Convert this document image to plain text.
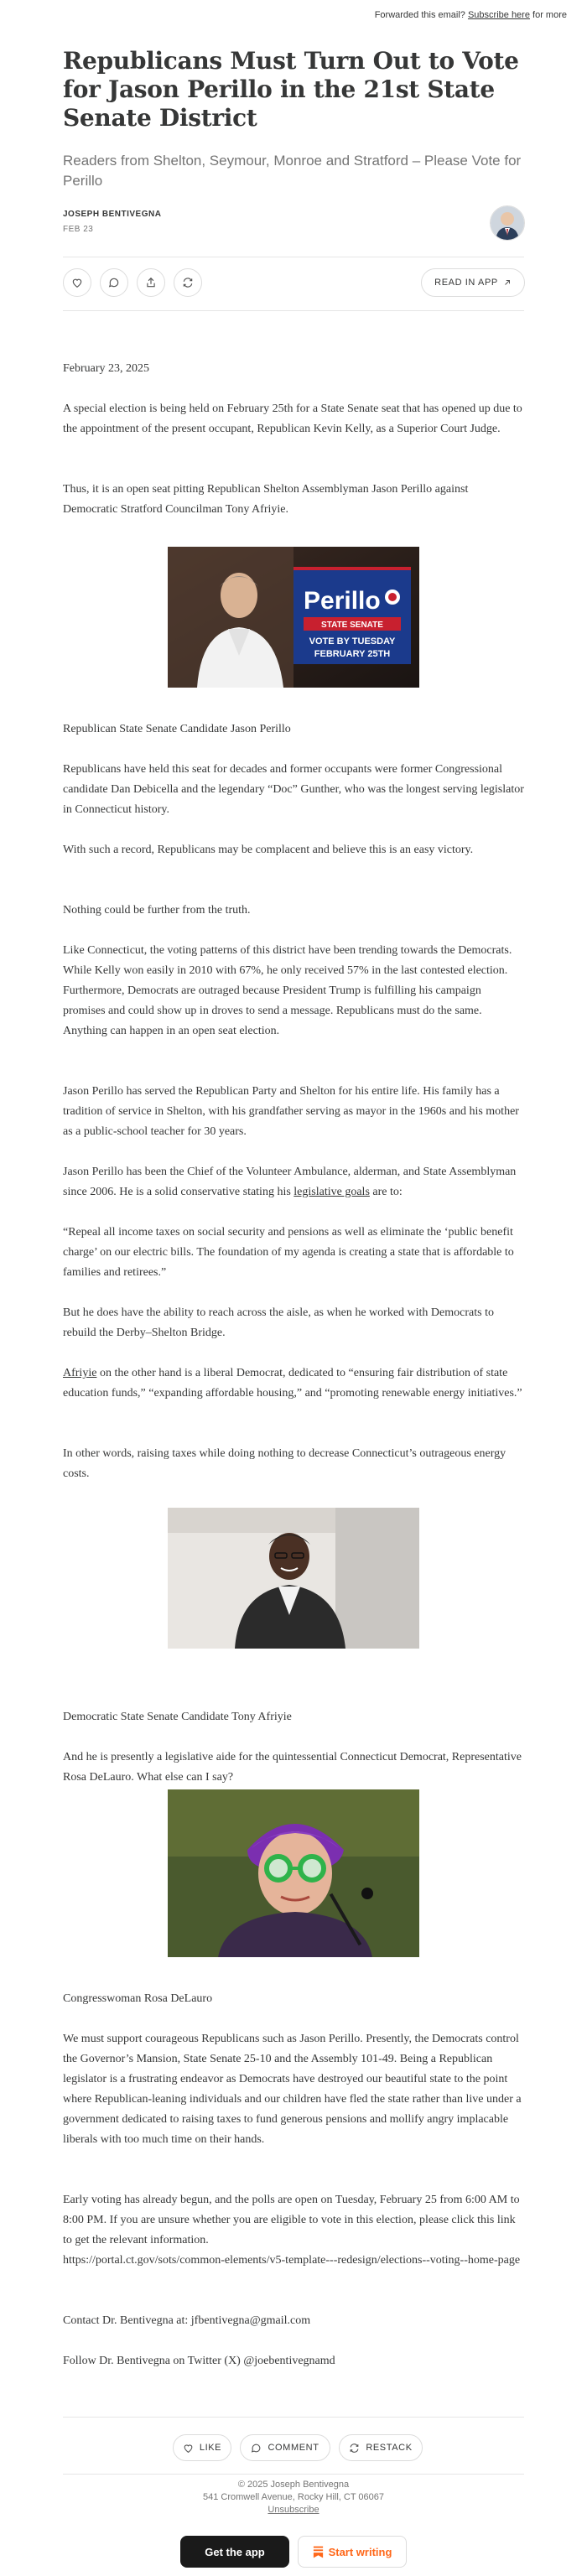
Forwarded this email? Subscribe here for more
Republicans Must Turn Out to Vote for Jason Perillo in the 21st State Senate District

Readers from Shelton, Seymour, Monroe and Stratford – Please Vote for Perillo

JOSEPH BENTIVEGNA
FEB 23
READ IN APP

February 23, 2025

A special election is being held on February 25th for a State Senate seat that has opened up due to the appointment of the present occupant, Republican Kevin Kelly, as a Superior Court Judge.

Thus, it is an open seat pitting Republican Shelton Assemblyman Jason Perillo against Democratic Stratford Councilman Tony Afriyie.

Republican State Senate Candidate Jason Perillo

Republicans have held this seat for decades and former occupants were former Congressional candidate Dan Debicella and the legendary “Doc” Gunther, who was the longest serving legislator in Connecticut history.

With such a record, Republicans may be complacent and believe this is an easy victory.

Nothing could be further from the truth.

Like Connecticut, the voting patterns of this district have been trending towards the Democrats. While Kelly won easily in 2010 with 67%, he only received 57% in the last contested election. Furthermore, Democrats are outraged because President Trump is fulfilling his campaign promises and could show up in droves to send a message. Republicans must do the same. Anything can happen in an open seat election.

Jason Perillo has served the Republican Party and Shelton for his entire life. His family has a tradition of service in Shelton, with his grandfather serving as mayor in the 1960s and his mother as a public-school teacher for 30 years.

Jason Perillo has been the Chief of the Volunteer Ambulance, alderman, and State Assemblyman since 2006. He is a solid conservative stating his legislative goals are to:

“Repeal all income taxes on social security and pensions as well as eliminate the ‘public benefit charge’ on our electric bills. The foundation of my agenda is creating a state that is affordable to families and retirees.”

But he does have the ability to reach across the aisle, as when he worked with Democrats to rebuild the Derby–Shelton Bridge.

Afriyie on the other hand is a liberal Democrat, dedicated to “ensuring fair distribution of state education funds,” “expanding affordable housing,” and “promoting renewable energy initiatives.”

In other words, raising taxes while doing nothing to decrease Connecticut’s outrageous energy costs.

Democratic State Senate Candidate Tony Afriyie

And he is presently a legislative aide for the quintessential Connecticut Democrat, Representative Rosa DeLauro. What else can I say?

Congresswoman Rosa DeLauro

We must support courageous Republicans such as Jason Perillo. Presently, the Democrats control the Governor’s Mansion, State Senate 25-10 and the Assembly 101-49. Being a Republican legislator is a frustrating endeavor as Democrats have destroyed our beautiful state to the point where Republican-leaning individuals and our children have fled the state rather than live under a government dedicated to raising taxes to fund generous pensions and mollify angry implacable liberals with too much time on their hands.

Early voting has already begun, and the polls are open on Tuesday, February 25 from 6:00 AM to 8:00 PM. If you are unsure whether you are eligible to vote in this election, please click this link to get the relevant information.

https://portal.ct.gov/sots/common-elements/v5-template---redesign/elections--voting--home-page

Contact Dr. Bentivegna at: jfbentivegna@gmail.com

Follow Dr. Bentivegna on Twitter (X) @joebentivegnamd

Perillo
STATE SENATE
VOTE BY TUESDAY
FEBRUARY 25TH
LIKE	COMMENT	RESTACK
© 2025 Joseph Bentivegna
541 Cromwell Avenue, Rocky Hill, CT 06067
Unsubscribe
Get the app	Start writing
